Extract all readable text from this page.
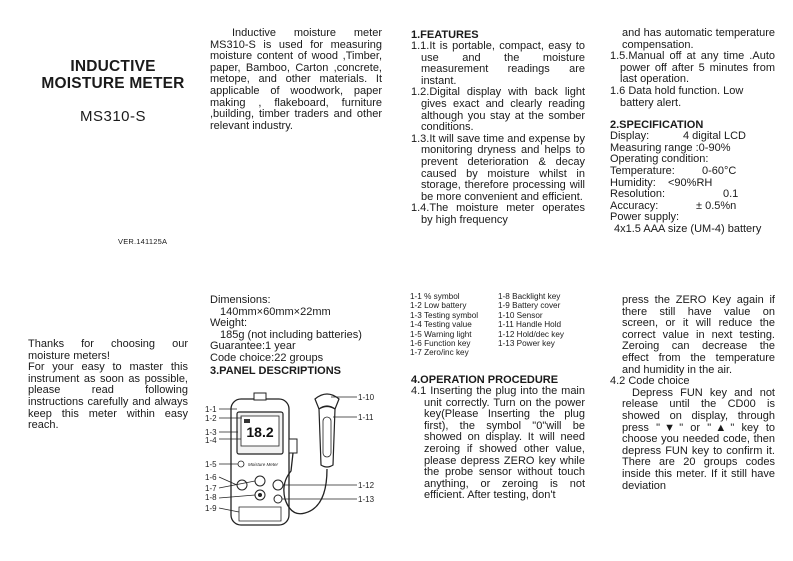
INDUCTIVE
MOISTURE METER
MS310-S
VER.141125A
Inductive moisture meter MS310-S is used for measuring moisture content of wood ,Timber, paper, Bamboo, Carton ,concrete, metope, and other materials. It applicable of woodwork, paper making , flakeboard, furniture ,building, timber traders and other relevant industry.
1.FEATURES

1.1.It is portable, compact, easy to use and the moisture measurement readings are instant.

1.2.Digital display with back light gives exact and clearly reading although you stay at the somber conditions.

1.3.It will save time and expense by monitoring dryness and helps to prevent deterioration & decay caused by moisture whilst in storage, therefore processing will be more convenient and efficient.

1.4.The moisture meter operates by high frequency

and has automatic temperature compensation.

1.5.Manual off at any time .Auto power off after 5 minutes from last operation.

1.6 Data hold function. Low battery alert.

2.SPECIFICATION
Display:	4 digital LCD
Measuring range : 0-90%
Operating condition:
Temperature:	0-60°C
Humidity:	<90%RH
Resolution:	0.1
Accuracy:	± 0.5%n
Power supply:
4x1.5 AAA size (UM-4) battery
Thanks for choosing our moisture meters!
For your easy to master this instrument as soon as possible, please read following instructions carefully and always keep this meter within easy reach.
Dimensions:
140mm×60mm×22mm
Weight:
185g (not including batteries)
Guarantee:1 year
Code choice:22 groups
3.PANEL DESCRIPTIONS
18.2
Moisture Meter
1-1
1-2
1-3
1-4
1-5
1-6
1-7
1-8
1-9
1-10
1-11
1-12
1-13
1-1 % symbol
1-2 Low battery
1-3 Testing symbol
1-4 Testing value
1-5 Warning light
1-6 Function key
1-7 Zero/inc key
1-8 Backlight key
1-9 Battery cover
1-10 Sensor
1-11 Handle Hold
1-12 Hold/dec key
1-13 Power key
4.OPERATION PROCEDURE

4.1 Inserting the plug into the main unit correctly. Turn on the power key(Please Inserting the plug first), the symbol "0"will be showed on display. It will need zeroing if showed other value, please depress ZERO key while the probe sensor without touch anything, or zeroing is not efficient. After testing, don't

press the ZERO Key again if there still have value on screen, or it will reduce the correct value in next testing. Zeroing can decrease the effect from the temperature and humidity in the air.
4.2 Code choice
Depress FUN key and not release until the CD00 is showed on display, through press "▼" or "▲" key to choose you needed code, then depress FUN key to confirm it. There are 20 groups codes inside this meter. If it still have deviation
